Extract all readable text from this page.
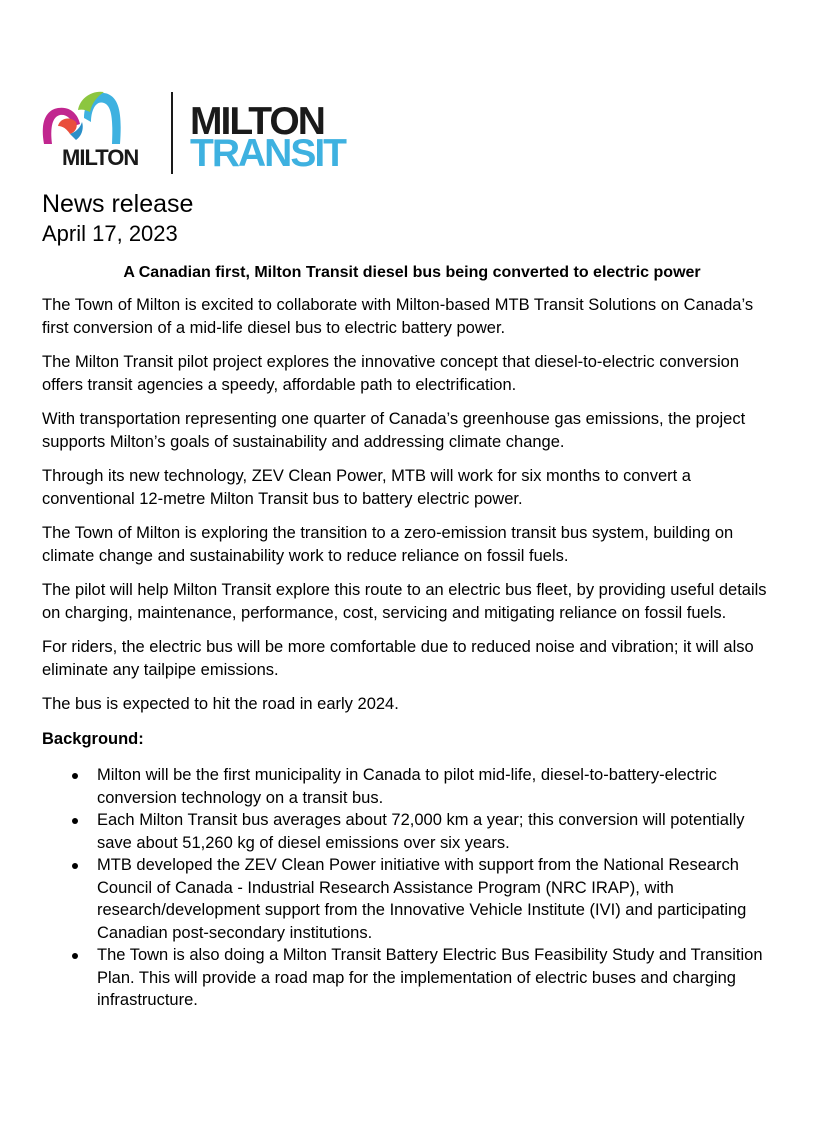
MILTON
MILTON
TRANSIT
News release
April 17, 2023
A Canadian first, Milton Transit diesel bus being converted to electric power

The Town of Milton is excited to collaborate with Milton-based MTB Transit Solutions on Canada’s first conversion of a mid-life diesel bus to electric battery power.

The Milton Transit pilot project explores the innovative concept that diesel-to-electric conversion offers transit agencies a speedy, affordable path to electrification.

With transportation representing one quarter of Canada’s greenhouse gas emissions, the project supports Milton’s goals of sustainability and addressing climate change.

Through its new technology, ZEV Clean Power, MTB will work for six months to convert a conventional 12-metre Milton Transit bus to battery electric power.

The Town of Milton is exploring the transition to a zero-emission transit bus system, building on climate change and sustainability work to reduce reliance on fossil fuels.

The pilot will help Milton Transit explore this route to an electric bus fleet, by providing useful details on charging, maintenance, performance, cost, servicing and mitigating reliance on fossil fuels.

For riders, the electric bus will be more comfortable due to reduced noise and vibration; it will also eliminate any tailpipe emissions.

The bus is expected to hit the road in early 2024.

Background:

Milton will be the first municipality in Canada to pilot mid-life, diesel-to-battery-electric conversion technology on a transit bus.
Each Milton Transit bus averages about 72,000 km a year; this conversion will potentially save about 51,260 kg of diesel emissions over six years.
MTB developed the ZEV Clean Power initiative with support from the National Research Council of Canada - Industrial Research Assistance Program (NRC IRAP), with research/development support from the Innovative Vehicle Institute (IVI) and participating Canadian post-secondary institutions.
The Town is also doing a Milton Transit Battery Electric Bus Feasibility Study and Transition Plan. This will provide a road map for the implementation of electric buses and charging infrastructure.
